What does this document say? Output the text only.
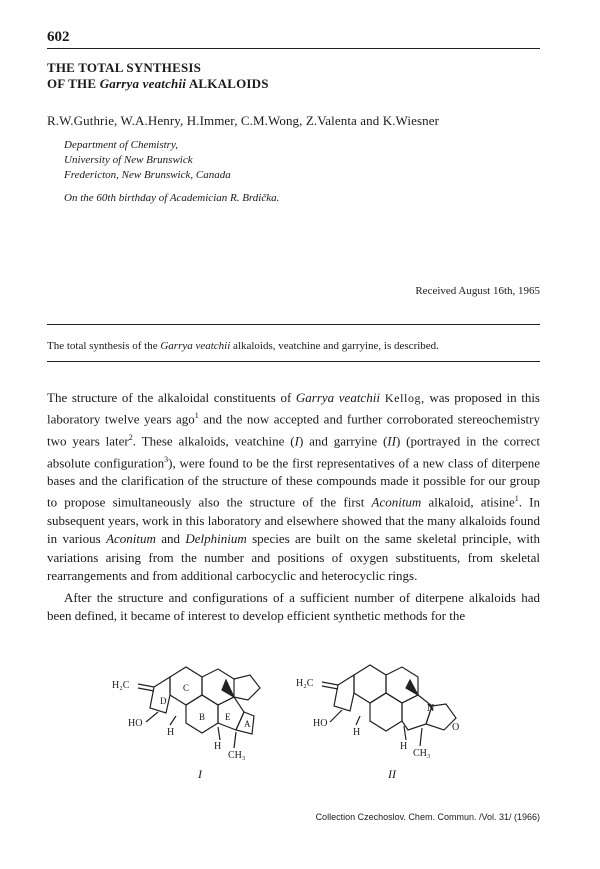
602
THE TOTAL SYNTHESIS
OF THE Garrya veatchii ALKALOIDS
R.W.Guthrie, W.A.Henry, H.Immer, C.M.Wong, Z.Valenta and K.Wiesner
Department of Chemistry,
University of New Brunswick
Fredericton, New Brunswick, Canada
On the 60th birthday of Academician R. Brdička.
Received August 16th, 1965
The total synthesis of the Garrya veatchii alkaloids, veatchine and garryine, is described.
The structure of the alkaloidal constituents of Garrya veatchii Kellog, was proposed in this laboratory twelve years ago$^1$ and the now accepted and further corroborated stereochemistry two years later$^2$. These alkaloids, veatchine (I) and garryine (II) (portrayed in the correct absolute configuration$^3$), were found to be the first representatives of a new class of diterpene bases and the clarification of the structure of these compounds made it possible for our group to propose simultaneously also the structure of the first Aconitum alkaloid, atisine$^1$. In subsequent years, work in this laboratory and elsewhere showed that the many alkaloids found in various Aconitum and Delphinium species are built on the same skeletal principle, with variations arising from the number and positions of oxygen substituents, from skeletal rearrangements and from additional carbocyclic and heterocyclic rings.
After the structure and configurations of a sufficient number of diterpene alkaloids had been defined, it became of interest to develop efficient synthetic methods for the
H₂C
HO
H
H
CH₃
C
D
B E
A
H₂C
HO
H
H
CH₃
N
O
I	II
Collection Czechoslov. Chem. Commun. /Vol. 31/ (1966)
